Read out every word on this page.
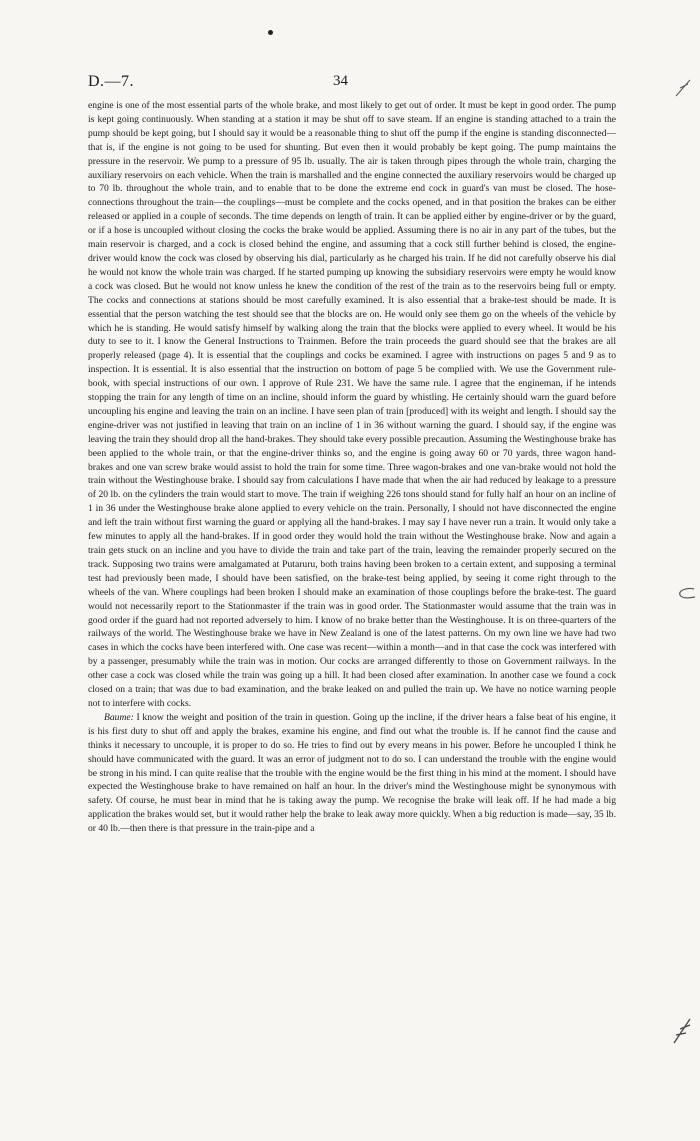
D.—7.	34

engine is one of the most essential parts of the whole brake, and most likely to get out of order. It must be kept in good order. The pump is kept going continuously. When standing at a station it may be shut off to save steam. If an engine is standing attached to a train the pump should be kept going, but I should say it would be a reasonable thing to shut off the pump if the engine is standing disconnected—that is, if the engine is not going to be used for shunting. But even then it would probably be kept going. The pump maintains the pressure in the reservoir. We pump to a pressure of 95 lb. usually. The air is taken through pipes through the whole train, charging the auxiliary reservoirs on each vehicle. When the train is marshalled and the engine connected the auxiliary reservoirs would be charged up to 70 lb. throughout the whole train, and to enable that to be done the extreme end cock in guard's van must be closed. The hose-connections throughout the train—the couplings—must be complete and the cocks opened, and in that position the brakes can be either released or applied in a couple of seconds. The time depends on length of train. It can be applied either by engine-driver or by the guard, or if a hose is uncoupled without closing the cocks the brake would be applied. Assuming there is no air in any part of the tubes, but the main reservoir is charged, and a cock is closed behind the engine, and assuming that a cock still further behind is closed, the engine-driver would know the cock was closed by observing his dial, particularly as he charged his train. If he did not carefully observe his dial he would not know the whole train was charged. If he started pumping up knowing the subsidiary reservoirs were empty he would know a cock was closed. But he would not know unless he knew the condition of the rest of the train as to the reservoirs being full or empty. The cocks and connections at stations should be most carefully examined. It is also essential that a brake-test should be made. It is essential that the person watching the test should see that the blocks are on. He would only see them go on the wheels of the vehicle by which he is standing. He would satisfy himself by walking along the train that the blocks were applied to every wheel. It would be his duty to see to it. I know the General Instructions to Trainmen. Before the train proceeds the guard should see that the brakes are all properly released (page 4). It is essential that the couplings and cocks be examined. I agree with instructions on pages 5 and 9 as to inspection. It is essential. It is also essential that the instruction on bottom of page 5 be complied with. We use the Government rule-book, with special instructions of our own. I approve of Rule 231. We have the same rule. I agree that the engineman, if he intends stopping the train for any length of time on an incline, should inform the guard by whistling. He certainly should warn the guard before uncoupling his engine and leaving the train on an incline. I have seen plan of train [produced] with its weight and length. I should say the engine-driver was not justified in leaving that train on an incline of 1 in 36 without warning the guard. I should say, if the engine was leaving the train they should drop all the hand-brakes. They should take every possible precaution. Assuming the Westinghouse brake has been applied to the whole train, or that the engine-driver thinks so, and the engine is going away 60 or 70 yards, three wagon hand-brakes and one van screw brake would assist to hold the train for some time. Three wagon-brakes and one van-brake would not hold the train without the Westinghouse brake. I should say from calculations I have made that when the air had reduced by leakage to a pressure of 20 lb. on the cylinders the train would start to move. The train if weighing 226 tons should stand for fully half an hour on an incline of 1 in 36 under the Westinghouse brake alone applied to every vehicle on the train. Personally, I should not have disconnected the engine and left the train without first warning the guard or applying all the hand-brakes. I may say I have never run a train. It would only take a few minutes to apply all the hand-brakes. If in good order they would hold the train without the Westinghouse brake. Now and again a train gets stuck on an incline and you have to divide the train and take part of the train, leaving the remainder properly secured on the track. Supposing two trains were amalgamated at Putaruru, both trains having been broken to a certain extent, and supposing a terminal test had previously been made, I should have been satisfied, on the brake-test being applied, by seeing it come right through to the wheels of the van. Where couplings had been broken I should make an examination of those couplings before the brake-test. The guard would not necessarily report to the Stationmaster if the train was in good order. The Stationmaster would assume that the train was in good order if the guard had not reported adversely to him. I know of no brake better than the Westinghouse. It is on three-quarters of the railways of the world. The Westinghouse brake we have in New Zealand is one of the latest patterns. On my own line we have had two cases in which the cocks have been interfered with. One case was recent—within a month—and in that case the cock was interfered with by a passenger, presumably while the train was in motion. Our cocks are arranged differently to those on Government railways. In the other case a cock was closed while the train was going up a hill. It had been closed after examination. In another case we found a cock closed on a train; that was due to bad examination, and the brake leaked on and pulled the train up. We have no notice warning people not to interfere with cocks.

Baume: I know the weight and position of the train in question. Going up the incline, if the driver hears a false beat of his engine, it is his first duty to shut off and apply the brakes, examine his engine, and find out what the trouble is. If he cannot find the cause and thinks it necessary to uncouple, it is proper to do so. He tries to find out by every means in his power. Before he uncoupled I think he should have communicated with the guard. It was an error of judgment not to do so. I can understand the trouble with the engine would be strong in his mind. I can quite realise that the trouble with the engine would be the first thing in his mind at the moment. I should have expected the Westinghouse brake to have remained on half an hour. In the driver's mind the Westinghouse might be synonymous with safety. Of course, he must bear in mind that he is taking away the pump. We recognise the brake will leak off. If he had made a big application the brakes would set, but it would rather help the brake to leak away more quickly. When a big reduction is made—say, 35 lb. or 40 lb.—then there is that pressure in the train-pipe and a
